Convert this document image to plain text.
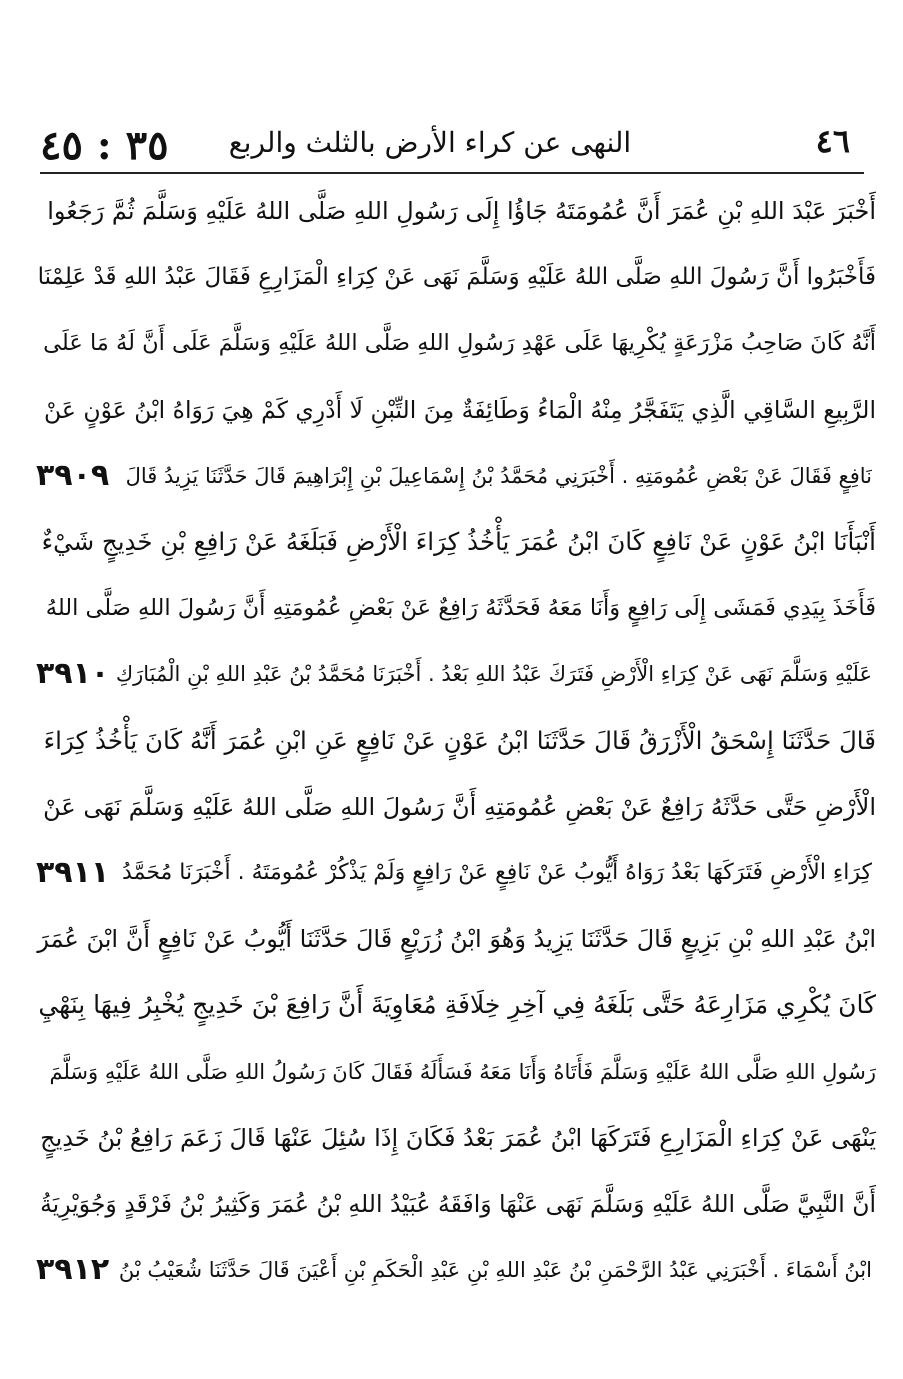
٣٥ : ٤٥	النهى عن كراء الأرض بالثلث والربع	٤٦
أَخْبَرَ عَبْدَ اللهِ بْنِ عُمَرَ أَنَّ عُمُومَتَهُ جَاؤُا إِلَى رَسُولِ اللهِ صَلَّى اللهُ عَلَيْهِ وَسَلَّمَ ثُمَّ رَجَعُوا
فَأَخْبَرُوا أَنَّ رَسُولَ اللهِ صَلَّى اللهُ عَلَيْهِ وَسَلَّمَ نَهَى عَنْ كِرَاءِ الْمَزَارِعِ فَقَالَ عَبْدُ اللهِ قَدْ عَلِمْنَا
أَنَّهُ كَانَ صَاحِبُ مَزْرَعَةٍ يُكْرِيهَا عَلَى عَهْدِ رَسُولِ اللهِ صَلَّى اللهُ عَلَيْهِ وَسَلَّمَ عَلَى أَنَّ لَهُ مَا عَلَى
الرَّبِيعِ السَّاقِي الَّذِي يَتَفَجَّرُ مِنْهُ الْمَاءُ وَطَائِفَةٌ مِنَ التِّبْنِ لَا أَدْرِي كَمْ هِيَ رَوَاهُ ابْنُ عَوْنٍ عَنْ
٣٩٠٩ نَافِعٍ فَقَالَ عَنْ بَعْضِ عُمُومَتِهِ . أَخْبَرَنِي مُحَمَّدُ بْنُ إِسْمَاعِيلَ بْنِ إِبْرَاهِيمَ قَالَ حَدَّثَنَا يَزِيدُ قَالَ
أَنْبَأَنَا ابْنُ عَوْنٍ عَنْ نَافِعٍ كَانَ ابْنُ عُمَرَ يَأْخُذُ كِرَاءَ الْأَرْضِ فَبَلَغَهُ عَنْ رَافِعِ بْنِ خَدِيجٍ شَيْءٌ
فَأَخَذَ بِيَدِي فَمَشَى إِلَى رَافِعٍ وَأَنَا مَعَهُ فَحَدَّثَهُ رَافِعٌ عَنْ بَعْضِ عُمُومَتِهِ أَنَّ رَسُولَ اللهِ صَلَّى اللهُ
٣٩١٠ عَلَيْهِ وَسَلَّمَ نَهَى عَنْ كِرَاءِ الْأَرْضِ فَتَرَكَ عَبْدُ اللهِ بَعْدُ . أَخْبَرَنَا مُحَمَّدُ بْنُ عَبْدِ اللهِ بْنِ الْمُبَارَكِ
قَالَ حَدَّثَنَا إِسْحَقُ الْأَزْرَقُ قَالَ حَدَّثَنَا ابْنُ عَوْنٍ عَنْ نَافِعٍ عَنِ ابْنِ عُمَرَ أَنَّهُ كَانَ يَأْخُذُ كِرَاءَ
الْأَرْضِ حَتَّى حَدَّثَهُ رَافِعٌ عَنْ بَعْضِ عُمُومَتِهِ أَنَّ رَسُولَ اللهِ صَلَّى اللهُ عَلَيْهِ وَسَلَّمَ نَهَى عَنْ
٣٩١١ كِرَاءِ الْأَرْضِ فَتَرَكَهَا بَعْدُ رَوَاهُ أَيُّوبُ عَنْ نَافِعٍ عَنْ رَافِعٍ وَلَمْ يَذْكُرْ عُمُومَتَهُ . أَخْبَرَنَا مُحَمَّدُ
ابْنُ عَبْدِ اللهِ بْنِ بَزِيعٍ قَالَ حَدَّثَنَا يَزِيدُ وَهُوَ ابْنُ زُرَيْعٍ قَالَ حَدَّثَنَا أَيُّوبُ عَنْ نَافِعٍ أَنَّ ابْنَ عُمَرَ
كَانَ يُكْرِي مَزَارِعَهُ حَتَّى بَلَغَهُ فِي آخِرِ خِلَافَةِ مُعَاوِيَةَ أَنَّ رَافِعَ بْنَ خَدِيجٍ يُخْبِرُ فِيهَا بِنَهْيِ
رَسُولِ اللهِ صَلَّى اللهُ عَلَيْهِ وَسَلَّمَ فَأَتَاهُ وَأَنَا مَعَهُ فَسَأَلَهُ فَقَالَ كَانَ رَسُولُ اللهِ صَلَّى اللهُ عَلَيْهِ وَسَلَّمَ
يَنْهَى عَنْ كِرَاءِ الْمَزَارِعِ فَتَرَكَهَا ابْنُ عُمَرَ بَعْدُ فَكَانَ إِذَا سُئِلَ عَنْهَا قَالَ زَعَمَ رَافِعُ بْنُ خَدِيجٍ
أَنَّ النَّبِيَّ صَلَّى اللهُ عَلَيْهِ وَسَلَّمَ نَهَى عَنْهَا وَافَقَهُ عُبَيْدُ اللهِ بْنُ عُمَرَ وَكَثِيرُ بْنُ فَرْقَدٍ وَجُوَيْرِيَةُ
٣٩١٢ ابْنُ أَسْمَاءَ . أَخْبَرَنِي عَبْدُ الرَّحْمَنِ بْنُ عَبْدِ اللهِ بْنِ عَبْدِ الْحَكَمِ بْنِ أَعْيَنَ قَالَ حَدَّثَنَا شُعَيْبُ بْنُ
